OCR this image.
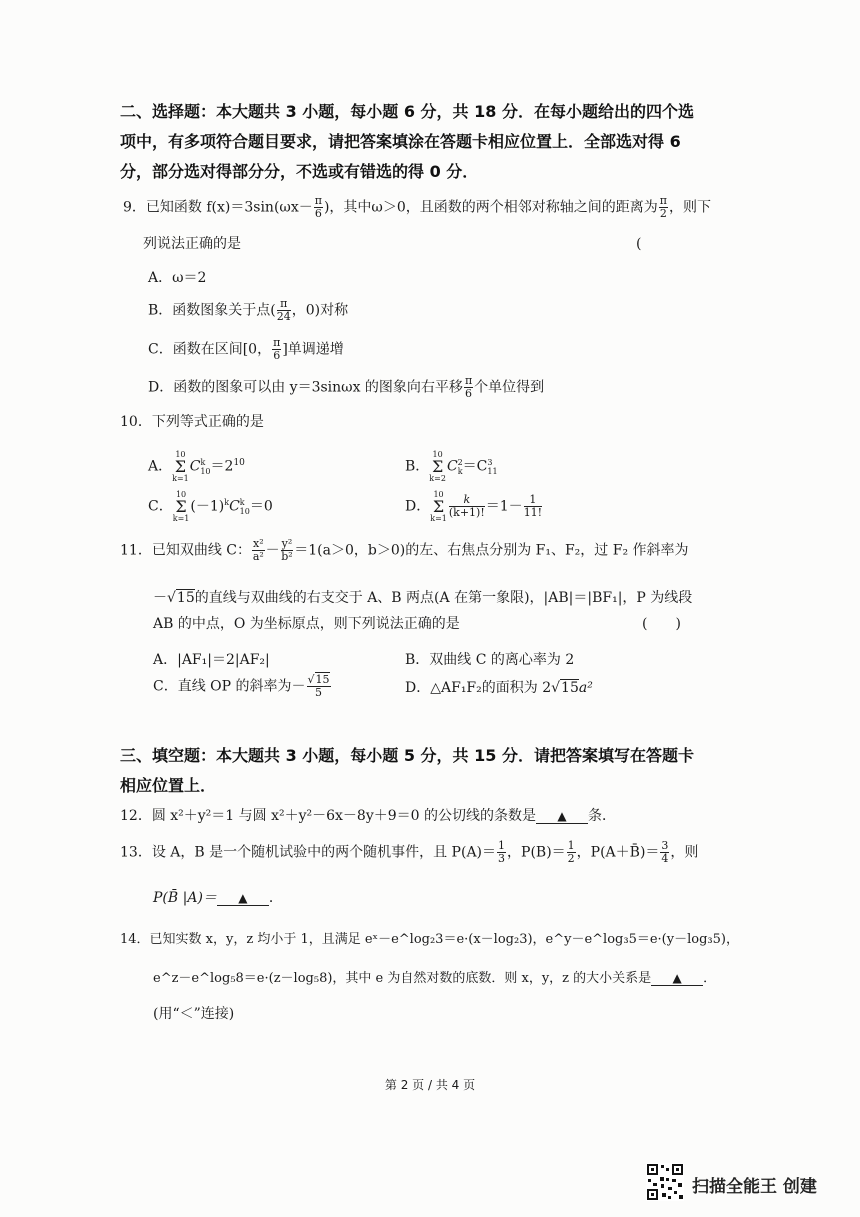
二、选择题：本大题共 3 小题，每小题 6 分，共 18 分．在每小题给出的四个选
项中，有多项符合题目要求，请把答案填涂在答题卡相应位置上．全部选对得 6
分，部分选对得部分分，不选或有错选的得 0 分．
9．已知函数 $f(x)=3\sin(\omega x- \frac{\pi}{6}$ )，其中ω＞0，且函数的两个相邻对称轴之间的距离为 $\frac{\pi}{2}$ ，则下
列说法正确的是	(
A．ω＝2
B．函数图象关于点( $\frac{\pi}{24}$ ，0)对称
C．函数在区间[0， $\frac{\pi}{6}$ ]单调递增
D．函数的图象可以由 y＝3sinωx 的图象向右平移 $\frac{\pi}{6}$ 个单位得到
10．下列等式正确的是
A．10
Σ
$k=1C^k_{10}=2^{10}$	B．10
Σ
$k=2C^2_k=C^3_{11}$
C．10
Σ
$k=1(-1)^kC^k_{10}=0$	D．10
Σ
$k=1 \frac{k}{(k+1)!} =1- \frac{1}{11!}$
11．已知双曲线 C： $\frac{\text{x²}}{\text{a²}} - \frac{\text{y²}}{\text{b²}} =1(a>0$，b＞0)的左、右焦点分别为 F₁、F₂，过 F₂ 作斜率为
－√15的直线与双曲线的右支交于 A、B 两点(A 在第一象限)，|AB|＝|BF₁|，P 为线段
AB 的中点，O 为坐标原点，则下列说法正确的是	(　　)
A．|AF₁|＝2|AF₂|	B．双曲线 C 的离心率为 2
C．直线 OP 的斜率为－ $\frac{√15}{5}$	D．△AF₁F₂的面积为 2√15a²
三、填空题：本大题共 3 小题，每小题 5 分，共 15 分．请把答案填写在答题卡
相应位置上．
12．圆 x²＋y²＝1 与圆 x²＋y²－6x－8y＋9＝0 的公切线的条数是 ▲ 条．
13．设 A，B 是一个随机试验中的两个随机事件，且 $P(A)= \frac{1}{3}$ ，$P(B)= \frac{1}{2}$ ，P(A＋B̄)＝ $\frac{3}{4}$ ，则
P(B̄ |A)＝ ▲ ．
14．已知实数 x，y，z 均小于 1，且满足 eˣ－e^log₂3＝e·(x－log₂3)，e^y－e^log₃5＝e·(y－log₃5)，
e^z－e^log₅8＝e·(z－log₅8)，其中 e 为自然对数的底数．则 x，y，z 的大小关系是 ▲ ．
(用“＜”连接)
第 2 页 / 共 4 页
扫描全能王 创建
